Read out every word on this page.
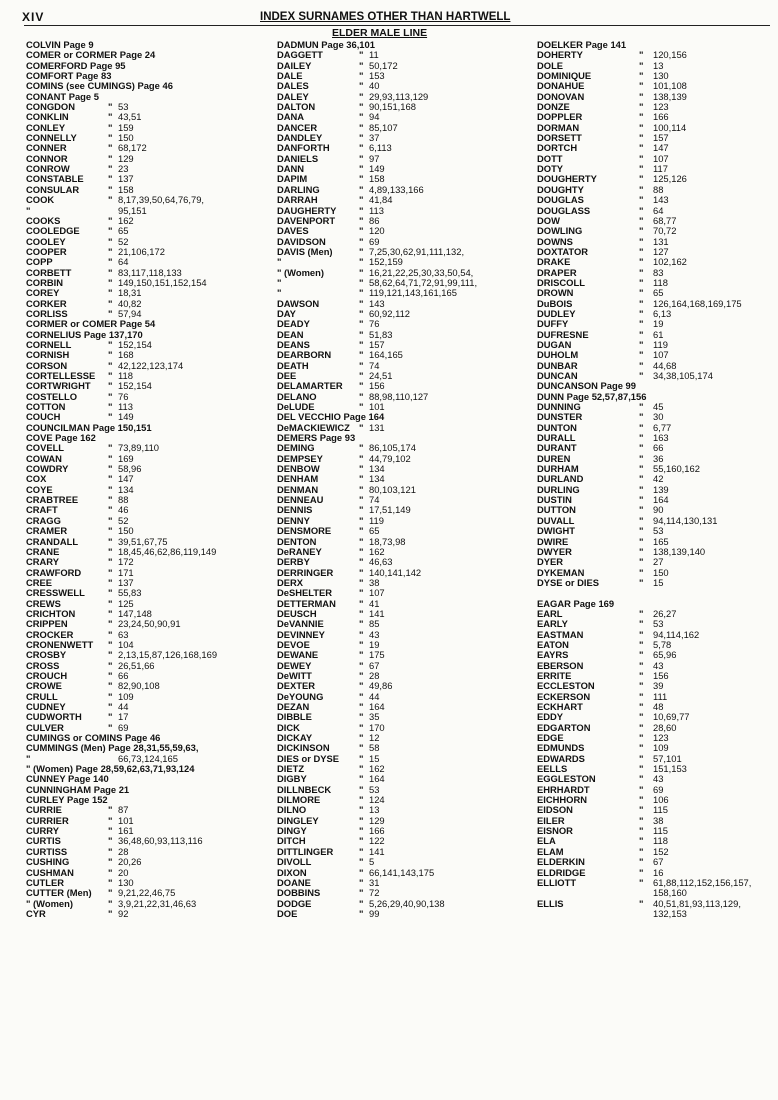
XIV	INDEX SURNAMES OTHER THAN HARTWELL
ELDER MALE LINE
COLVIN Page 9
COMER or CORMER Page 24
COMERFORD Page 95
COMFORT Page 83
COMINS (see CUMINGS) Page 46
CONANT Page 5
CONGDON	" 53
CONKLIN	" 43,51
CONLEY	" 159
CONNELLY	" 150
CONNER	" 68,172
CONNOR	" 129
CONROW	" 23
CONSTABLE	" 137
CONSULAR	" 158
COOK	" 8,17,39,50,64,76,79,
"	95,151
COOKS	" 162
COOLEDGE	" 65
COOLEY	" 52
COOPER	" 21,106,172
COPP	" 64
CORBETT	" 83,117,118,133
CORBIN	" 149,150,151,152,154
COREY	" 18,31
CORKER	" 40,82
CORLISS	" 57,94
CORMER or COMER Page 54
CORNELIUS Page 137,170
CORNELL	" 152,154
CORNISH	" 168
CORSON	" 42,122,123,174
CORTELLESSE " 118
CORTWRIGHT " 152,154
COSTELLO	" 76
COTTON	" 113
COUCH	" 149
COUNCILMAN Page 150,151
COVE Page 162
COVELL	" 73,89,110
COWAN	" 169
COWDRY	" 58,96
COX	" 147
COYE	" 134
CRABTREE	" 88
CRAFT	" 46
CRAGG	" 52
CRAMER	" 150
CRANDALL	" 39,51,67,75
CRANE	" 18,45,46,62,86,119,149
CRARY	" 172
CRAWFORD	" 171
CREE	" 137
CRESSWELL " 55,83
CREWS	" 125
CRICHTON	" 147,148
CRIPPEN	" 23,24,50,90,91
CROCKER	" 63
CRONENWETT " 104
CROSBY	" 2,13,15,87,126,168,169
CROSS	" 26,51,66
CROUCH	" 66
CROWE	" 82,90,108
CRULL	" 109
CUDNEY	" 44
CUDWORTH	" 17
CULVER	" 69
CUMINGS or COMINS Page 46
CUMMINGS (Men) Page 28,31,55,59,63,
"	66,73,124,165
" (Women) Page 28,59,62,63,71,93,124
CUNNEY Page 140
CUNNINGHAM Page 21
CURLEY Page 152
CURRIE	" 87
CURRIER	" 101
CURRY	" 161
CURTIS	" 36,48,60,93,113,116
CURTISS	" 28
CUSHING	" 20,26
CUSHMAN	" 20
CUTLER	" 130
CUTTER (Men) " 9,21,22,46,75
" (Women)	" 3,9,21,22,31,46,63
CYR	" 92
DADMUN Page 36,101
DAGGETT	" 11
DAILEY	" 50,172
DALE	" 153
DALES	" 40
DALEY	" 29,93,113,129
DALTON	" 90,151,168
DANA	" 94
DANCER	" 85,107
DANDLEY	" 37
DANFORTH	" 6,113
DANIELS	" 97
DANN	" 149
DAPIM	" 158
DARLING	" 4,89,133,166
DARRAH	" 41,84
DAUGHERTY " 113
DAVENPORT	" 86
DAVES	" 120
DAVIDSON	" 69
DAVIS (Men)	" 7,25,30,62,91,111,132,
"	" 152,159
" (Women)	" 16,21,22,25,30,33,50,54,
"	" 58,62,64,71,72,91,99,111,
"	" 119,121,143,161,165
DAWSON	" 143
DAY	" 60,92,112
DEADY	" 76
DEAN	" 51,83
DEANS	" 157
DEARBORN	" 164,165
DEATH	" 74
DEE	" 24,51
DELAMARTER " 156
DELANO	" 88,98,110,127
DeLUDE	" 101
DEL VECCHIO Page 164
DeMACKIEWICZ " 131
DEMERS Page 93
DEMING	" 86,105,174
DEMPSEY	" 44,79,102
DENBOW	" 134
DENHAM	" 134
DENMAN	" 80,103,121
DENNEAU	" 74
DENNIS	" 17,51,149
DENNY	" 119
DENSMORE	" 65
DENTON	" 18,73,98
DeRANEY	" 162
DERBY	" 46,63
DERRINGER	" 140,141,142
DERX	" 38
DeSHELTER	" 107
DETTERMAN " 41
DEUSCH	" 141
DeVANNIE	" 85
DEVINNEY	" 43
DEVOE	" 19
DEWANE	" 175
DEWEY	" 67
DeWITT	" 28
DEXTER	" 49,86
DeYOUNG	" 44
DEZAN	" 164
DIBBLE	" 35
DICK	" 170
DICKAY	" 12
DICKINSON	" 58
DIES or DYSE " 15
DIETZ	" 162
DIGBY	" 164
DILLNBECK	" 53
DILMORE	" 124
DILNO	" 13
DINGLEY	" 129
DINGY	" 166
DITCH	" 122
DITTLINGER	" 141
DIVOLL	" 5
DIXON	" 66,141,143,175
DOANE	" 31
DOBBINS	" 72
DODGE	" 5,26,29,40,90,138
DOE	" 99
DOELKER Page 141
DOHERTY	" 120,156
DOLE	" 13
DOMINIQUE	" 130
DONAHUE	" 101,108
DONOVAN	" 138,139
DONZE	" 123
DOPPLER	" 166
DORMAN	" 100,114
DORSETT	" 157
DORTCH	" 147
DOTT	" 107
DOTY	" 117
DOUGHERTY	" 125,126
DOUGHTY	" 88
DOUGLAS	" 143
DOUGLASS	" 64
DOW	" 68,77
DOWLING	" 70,72
DOWNS	" 131
DOXTATOR	" 127
DRAKE	" 102,162
DRAPER	" 83
DRISCOLL	" 118
DROWN	" 65
DuBOIS	" 126,164,168,169,175
DUDLEY	" 6,13
DUFFY	" 19
DUFRESNE	" 61
DUGAN	" 119
DUHOLM	" 107
DUNBAR	" 44,68
DUNCAN	" 34,38,105,174
DUNCANSON Page 99
DUNN Page 52,57,87,156
DUNNING	" 45
DUNSTER	" 30
DUNTON	" 6,77
DURALL	" 163
DURANT	" 66
DUREN	" 36
DURHAM	" 55,160,162
DURLAND	" 42
DURLING	" 139
DUSTIN	" 164
DUTTON	" 90
DUVALL	" 94,114,130,131
DWIGHT	" 53
DWIRE	" 165
DWYER	" 138,139,140
DYER	" 27
DYKEMAN	" 150
DYSE or DIES	" 15
EAGAR Page 169
EARL	" 26,27
EARLY	" 53
EASTMAN	" 94,114,162
EATON	" 5,78
EAYRS	" 65,96
EBERSON	" 43
ERRITE	" 156
ECCLESTON	" 39
ECKERSON	" 111
ECKHART	" 48
EDDY	" 10,69,77
EDGARTON	" 28,60
EDGE	" 123
EDMUNDS	" 109
EDWARDS	" 57,101
EELLS	" 151,153
EGGLESTON	" 43
EHRHARDT	" 69
EICHHORN	" 106
EIDSON	" 115
EILER	" 38
EISNOR	" 115
ELA	" 118
ELAM	" 152
ELDERKIN	" 67
ELDRIDGE	" 16
ELLIOTT	" 61,88,112,152,156,157,
158,160
ELLIS	" 40,51,81,93,113,129,
132,153
